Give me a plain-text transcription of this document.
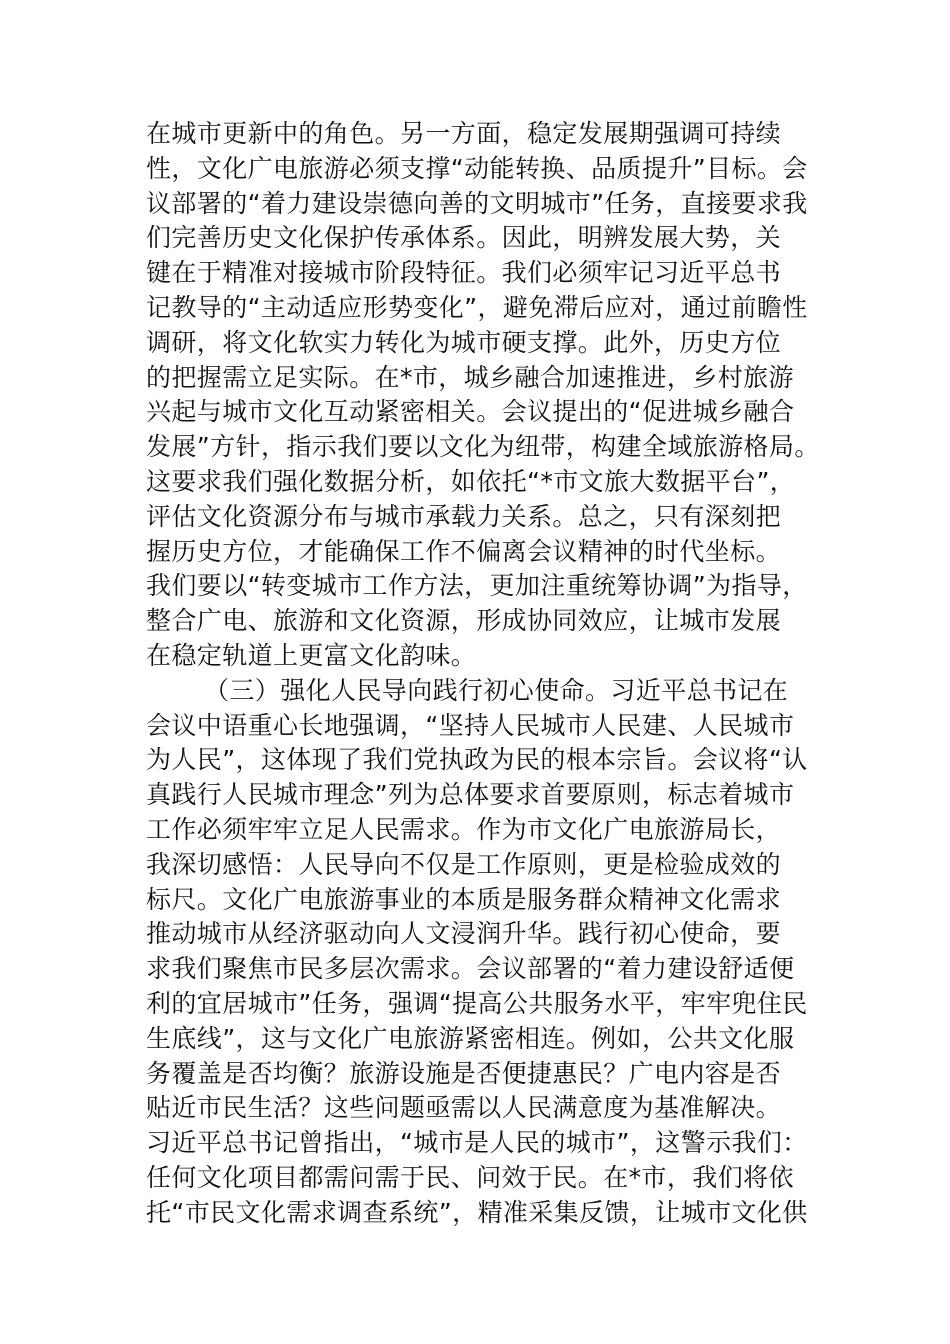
在城市更新中的角色。另一方面，稳定发展期强调可持续
性，文化广电旅游必须支撑“动能转换、品质提升”目标。会
议部署的“着力建设崇德向善的文明城市”任务，直接要求我
们完善历史文化保护传承体系。因此，明辨发展大势，关
键在于精准对接城市阶段特征。我们必须牢记习近平总书
记教导的“主动适应形势变化”，避免滞后应对，通过前瞻性
调研，将文化软实力转化为城市硬支撑。此外，历史方位
的把握需立足实际。在*市，城乡融合加速推进，乡村旅游
兴起与城市文化互动紧密相关。会议提出的“促进城乡融合
发展”方针，指示我们要以文化为纽带，构建全域旅游格局。
这要求我们强化数据分析，如依托“*市文旅大数据平台”，
评估文化资源分布与城市承载力关系。总之，只有深刻把
握历史方位，才能确保工作不偏离会议精神的时代坐标。
我们要以“转变城市工作方法，更加注重统筹协调”为指导，
整合广电、旅游和文化资源，形成协同效应，让城市发展
在稳定轨道上更富文化韵味。
（三）强化人民导向践行初心使命。习近平总书记在
会议中语重心长地强调，“坚持人民城市人民建、人民城市
为人民”，这体现了我们党执政为民的根本宗旨。会议将“认
真践行人民城市理念”列为总体要求首要原则，标志着城市
工作必须牢牢立足人民需求。作为市文化广电旅游局长，
我深切感悟：人民导向不仅是工作原则，更是检验成效的
标尺。文化广电旅游事业的本质是服务群众精神文化需求
推动城市从经济驱动向人文浸润升华。践行初心使命，要
求我们聚焦市民多层次需求。会议部署的“着力建设舒适便
利的宜居城市”任务，强调“提高公共服务水平，牢牢兜住民
生底线”，这与文化广电旅游紧密相连。例如，公共文化服
务覆盖是否均衡？旅游设施是否便捷惠民？广电内容是否
贴近市民生活？这些问题亟需以人民满意度为基准解决。
习近平总书记曾指出，“城市是人民的城市”，这警示我们：
任何文化项目都需问需于民、问效于民。在*市，我们将依
托“市民文化需求调查系统”，精准采集反馈，让城市文化供
